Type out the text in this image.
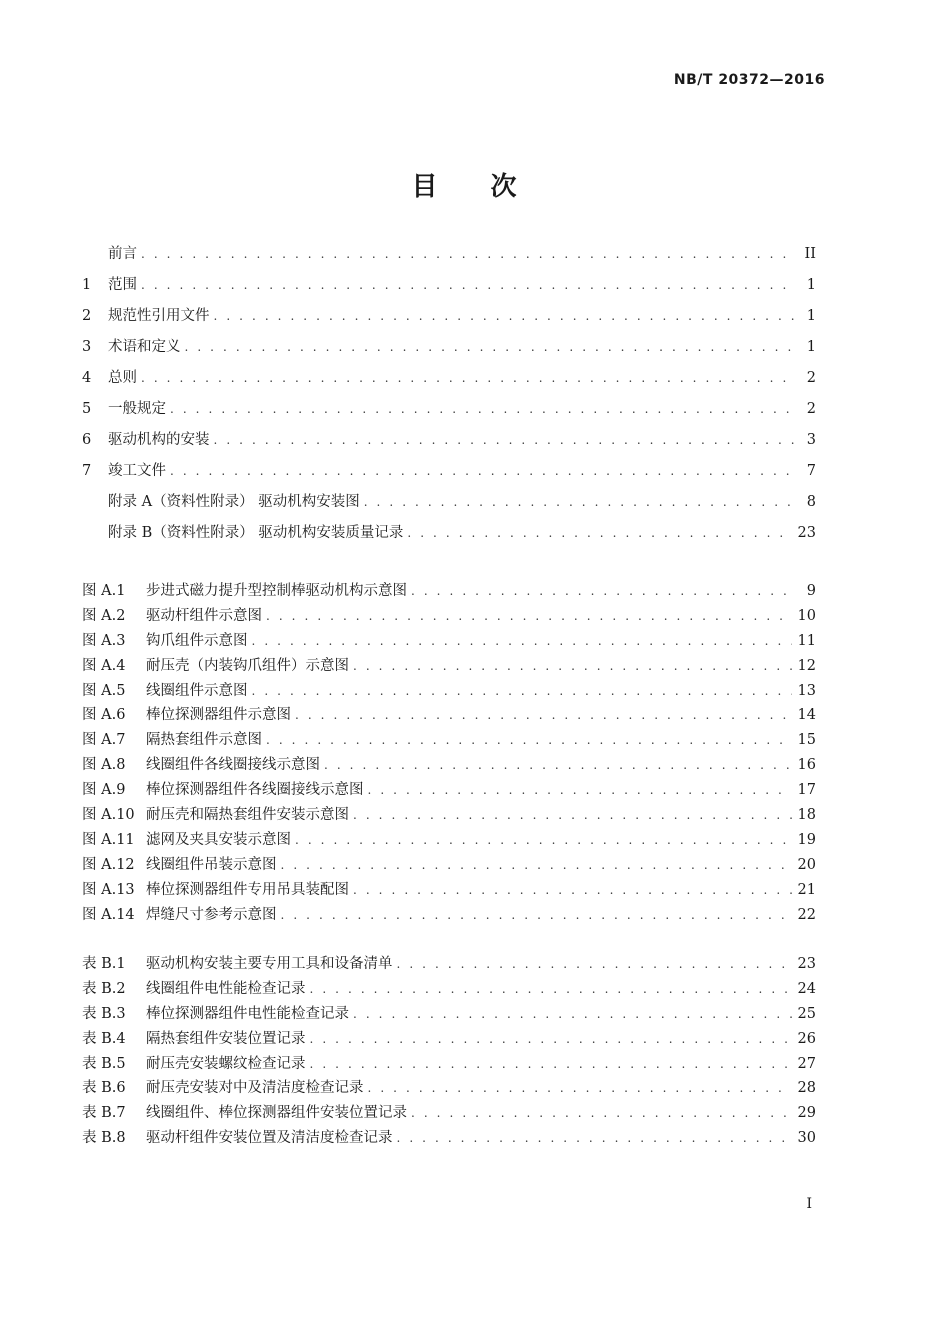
NB/T 20372—2016
目 次
前言 . . .	II
1	范围 . . .	1
2	规范性引用文件 . . .	1
3	术语和定义 . . .	1
4	总则 . . .	2
5	一般规定 . . .	2
6	驱动机构的安装 . . .	3
7	竣工文件 . . .	7
附录 A（资料性附录） 驱动机构安装图 . . .	8
附录 B（资料性附录） 驱动机构安装质量记录 . . .	23
图 A.1	步进式磁力提升型控制棒驱动机构示意图 . . .	9
图 A.2	驱动杆组件示意图 . . .	10
图 A.3	钩爪组件示意图 . . .	11
图 A.4	耐压壳（内装钩爪组件）示意图 . . .	12
图 A.5	线圈组件示意图 . . .	13
图 A.6	棒位探测器组件示意图 . . .	14
图 A.7	隔热套组件示意图 . . .	15
图 A.8	线圈组件各线圈接线示意图 . . .	16
图 A.9	棒位探测器组件各线圈接线示意图 . . .	17
图 A.10 耐压壳和隔热套组件安装示意图 . . .	18
图 A.11 滤网及夹具安装示意图 . . .	19
图 A.12 线圈组件吊装示意图 . . .	20
图 A.13 棒位探测器组件专用吊具装配图 . . .	21
图 A.14 焊缝尺寸参考示意图 . . .	22
表 B.1	驱动机构安装主要专用工具和设备清单 . . .	23
表 B.2	线圈组件电性能检查记录 . . .	24
表 B.3	棒位探测器组件电性能检查记录 . . .	25
表 B.4	隔热套组件安装位置记录 . . .	26
表 B.5	耐压壳安装螺纹检查记录 . . .	27
表 B.6	耐压壳安装对中及清洁度检查记录 . . .	28
表 B.7	线圈组件、棒位探测器组件安装位置记录 . . .	29
表 B.8	驱动杆组件安装位置及清洁度检查记录 . . .	30
I
